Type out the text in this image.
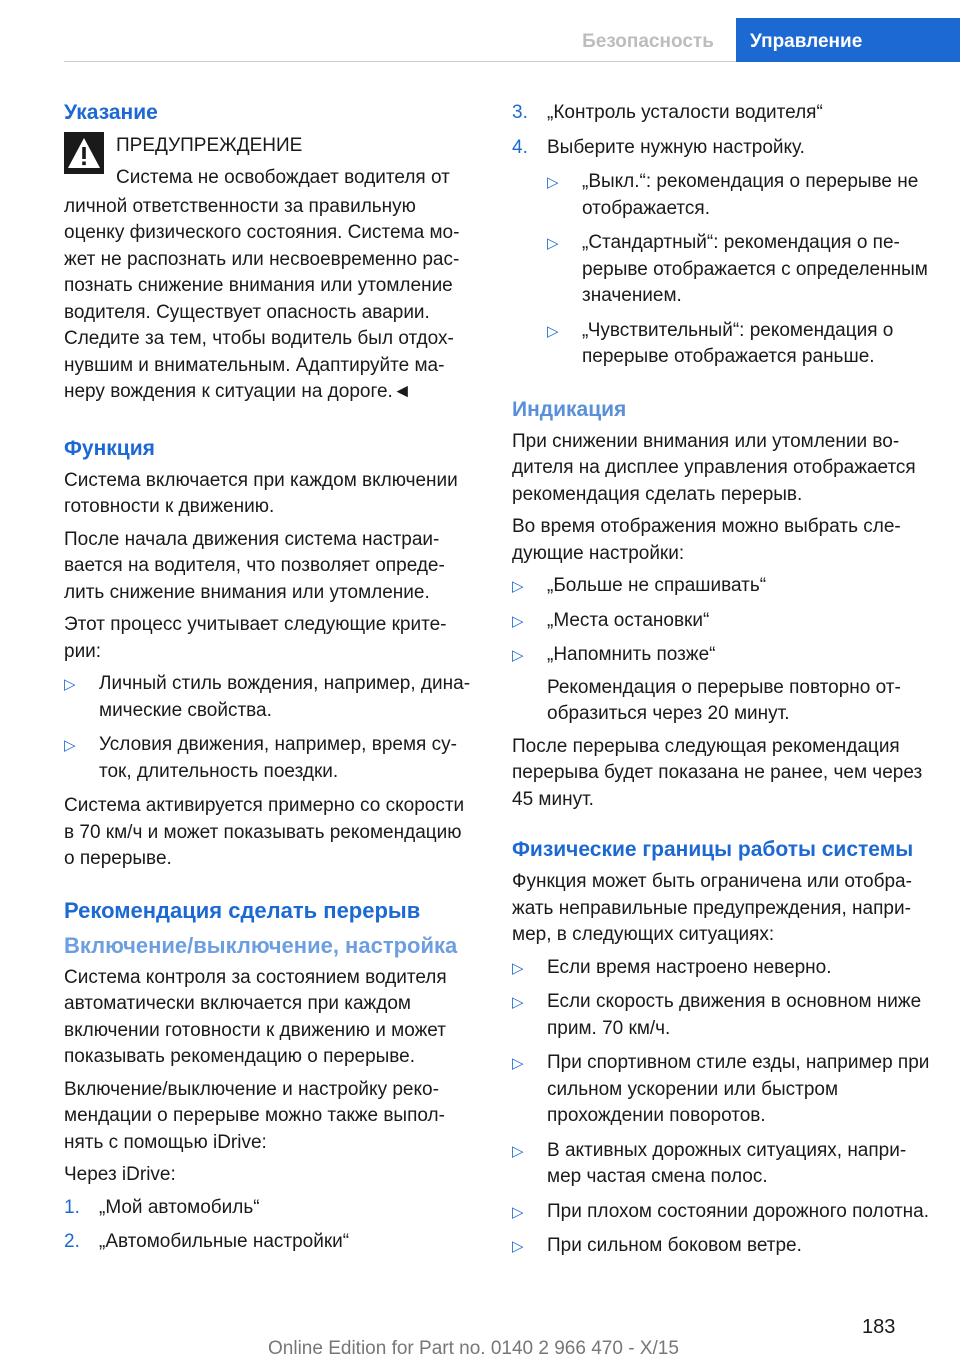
Безопасность	Управление
Указание

ПРЕДУПРЕЖДЕНИЕ

Система не освобождает водителя от

личной ответственности за правильную оценку физического состояния. Система может не распознать или несвоевременно распознать снижение внимания или утомление водителя. Существует опасность аварии. Следите за тем, чтобы водитель был отдохнувшим и внимательным. Адаптируйте манеру вождения к ситуации на дороге.◄

Функция

Система включается при каждом включении готовности к движению.

После начала движения система настраивается на водителя, что позволяет определить снижение внимания или утомление.

Этот процесс учитывает следующие критерии:

▷ Личный стиль вождения, например, динамические свойства.
▷ Условия движения, например, время суток, длительность поездки.

Система активируется примерно со скорости в 70 км/ч и может показывать рекомендацию о перерыве.

Рекомендация сделать перерыв
Включение/выключение, настройка

Система контроля за состоянием водителя автоматически включается при каждом включении готовности к движению и может показывать рекомендацию о перерыве.

Включение/выключение и настройку рекомендации о перерыве можно также выполнять с помощью iDrive:

Через iDrive:

1. „Мой автомобиль“
2. „Автомобильные настройки“
3. „Контроль усталости водителя“
4. Выберите нужную настройку.
▷ „Выкл.“: рекомендация о перерыве не отображается.
▷ „Стандартный“: рекомендация о перерыве отображается с определенным значением.
▷ „Чувствительный“: рекомендация о перерыве отображается раньше.
Индикация

При снижении внимания или утомлении водителя на дисплее управления отображается рекомендация сделать перерыв.

Во время отображения можно выбрать следующие настройки:

▷ „Больше не спрашивать“
▷ „Места остановки“
▷ „Напомнить позже“

Рекомендация о перерыве повторно отобразиться через 20 минут.

После перерыва следующая рекомендация перерыва будет показана не ранее, чем через 45 минут.

Физические границы работы системы

Функция может быть ограничена или отображать неправильные предупреждения, например, в следующих ситуациях:

▷ Если время настроено неверно.
▷ Если скорость движения в основном ниже прим. 70 км/ч.
▷ При спортивном стиле езды, например при сильном ускорении или быстром прохождении поворотов.
▷ В активных дорожных ситуациях, например частая смена полос.
▷ При плохом состоянии дорожного полотна.
▷ При сильном боковом ветре.
183
Online Edition for Part no. 0140 2 966 470 - X/15
